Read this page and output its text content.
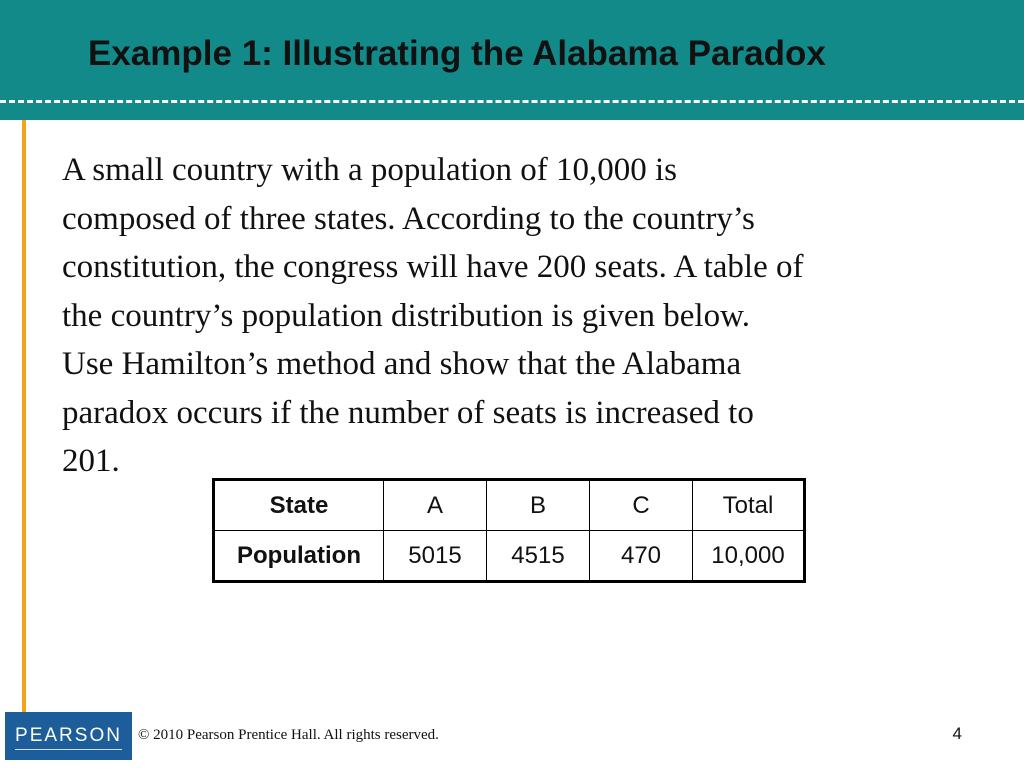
Example 1: Illustrating the Alabama Paradox

A small country with a population of 10,000 is
composed of three states. According to the country’s
constitution, the congress will have 200 seats. A table of
the country’s population distribution is given below.
Use Hamilton’s method and show that the Alabama
paradox occurs if the number of seats is increased to
201.

State	A	B	C	Total
Population	5015	4515	470	10,000
PEARSON © 2010 Pearson Prentice Hall. All rights reserved.	4
